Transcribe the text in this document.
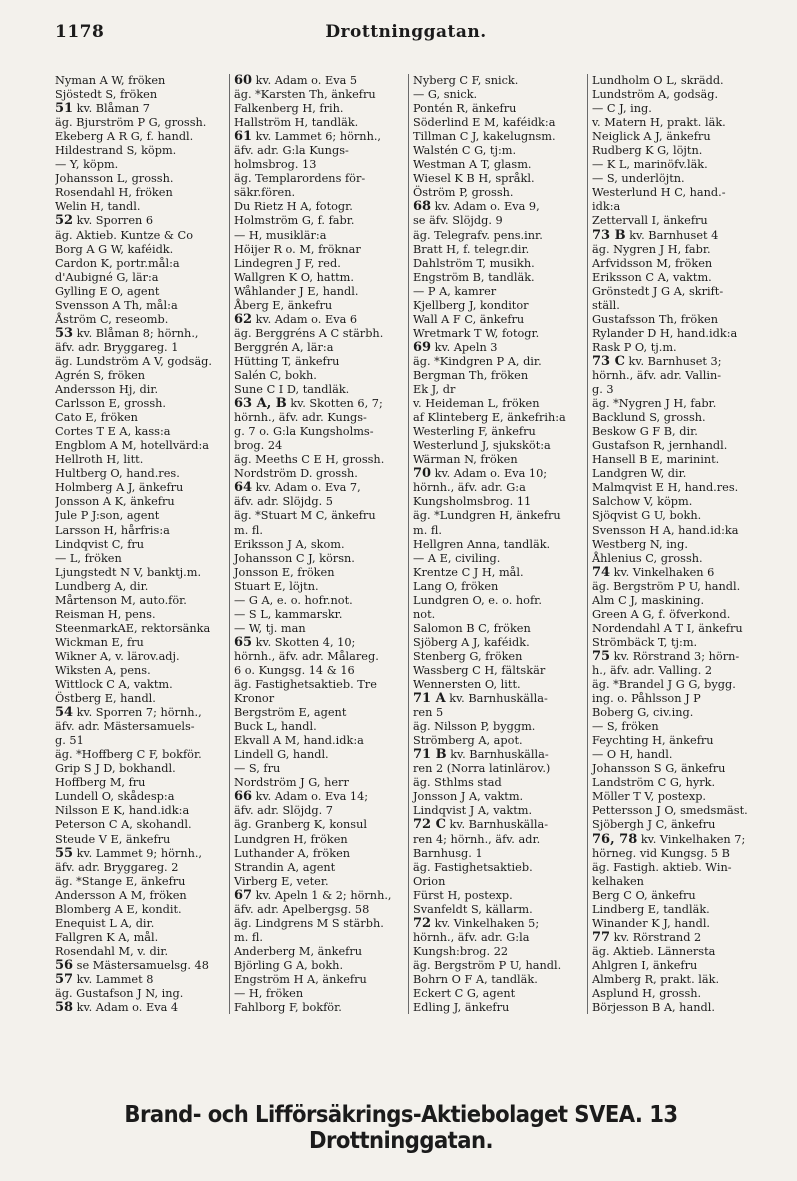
1178	Drottninggatan.
Nyman A W, fröken
Sjöstedt S, fröken
51 kv. Blåman 7
äg. Bjurström P G, grossh.
Ekeberg A R G, f. handl.
Hildestrand S, köpm.
— Y, köpm.
Johansson L, grossh.
Rosendahl H, fröken
Welin H, tandl.
52 kv. Sporren 6
äg. Aktieb. Kuntze & Co
Borg A G W, kaféidk.
Cardon K, portr.mål:a
d'Aubigné G, lär:a
Gylling E O, agent
Svensson A Th, mål:a
Åström C, reseomb.
53 kv. Blåman 8; hörnh.,
äfv. adr. Bryggareg. 1
äg. Lundström A V, godsäg.
Agrén S, fröken
Andersson Hj, dir.
Carlsson E, grossh.
Cato E, fröken
Cortes T E A, kass:a
Engblom A M, hotellvärd:a
Hellroth H, litt.
Hultberg O, hand.res.
Holmberg A J, änkefru
Jonsson A K, änkefru
Jule P J:son, agent
Larsson H, hårfris:a
Lindqvist C, fru
— L, fröken
Ljungstedt N V, banktj.m.
Lundberg A, dir.
Mårtenson M, auto.för.
Reisman H, pens.
SteenmarkAE, rektorsänka
Wickman E, fru
Wikner A, v. lärov.adj.
Wiksten A, pens.
Wittlock C A, vaktm.
Östberg E, handl.
54 kv. Sporren 7; hörnh.,
äfv. adr. Mästersamuels-
g. 51
äg. *Hoffberg C F, bokför.
Grip S J D, bokhandl.
Hoffberg M, fru
Lundell O, skådesp:a
Nilsson E K, hand.idk:a
Peterson C A, skohandl.
Steude V E, änkefru
55 kv. Lammet 9; hörnh.,
äfv. adr. Bryggareg. 2
äg. *Stange E, änkefru
Andersson A M, fröken
Blomberg A E, kondit.
Enequist L A, dir.
Fallgren K A, mål.
Rosendahl M, v. dir.
56 se Mästersamuelsg. 48
57 kv. Lammet 8
äg. Gustafson J N, ing.
58 kv. Adam o. Eva 4
60 kv. Adam o. Eva 5
äg. *Karsten Th, änkefru
Falkenberg H, frih.
Hallström H, tandläk.
61 kv. Lammet 6; hörnh.,
äfv. adr. G:la Kungs-
holmsbrog. 13
äg. Templarordens för-
säkr.fören.
Du Rietz H A, fotogr.
Holmström G, f. fabr.
— H, musiklär:a
Höijer R o. M, fröknar
Lindegren J F, red.
Wallgren K O, hattm.
Wåhlander J E, handl.
Åberg E, änkefru
62 kv. Adam o. Eva 6
äg. Berggréns A C stärbh.
Berggrén A, lär:a
Hütting T, änkefru
Salén C, bokh.
Sune C I D, tandläk.
63 A, B kv. Skotten 6, 7;
hörnh., äfv. adr. Kungs-
g. 7 o. G:la Kungsholms-
brog. 24
äg. Meeths C E H, grossh.
Nordström D. grossh.
64 kv. Adam o. Eva 7,
äfv. adr. Slöjdg. 5
äg. *Stuart M C, änkefru
m. fl.
Eriksson J A, skom.
Johansson C J, körsn.
Jonsson E, fröken
Stuart E, löjtn.
— G A, e. o. hofr.not.
— S L, kammarskr.
— W, tj. man
65 kv. Skotten 4, 10;
hörnh., äfv. adr. Målareg.
6 o. Kungsg. 14 & 16
äg. Fastighetsaktieb. Tre
Kronor
Bergström E, agent
Buck L, handl.
Ekvall A M, hand.idk:a
Lindell G, handl.
— S, fru
Nordström J G, herr
66 kv. Adam o. Eva 14;
äfv. adr. Slöjdg. 7
äg. Granberg K, konsul
Lundgren H, fröken
Luthander A, fröken
Strandin A, agent
Virberg E, veter.
67 kv. Apeln 1 & 2; hörnh.,
äfv. adr. Apelbergsg. 58
äg. Lindgrens M S stärbh.
m. fl.
Anderberg M, änkefru
Björling G A, bokh.
Engström H A, änkefru
— H, fröken
Fahlborg F, bokför.
Nyberg C F, snick.
— G, snick.
Pontén R, änkefru
Söderlind E M, kaféidk:a
Tillman C J, kakelugnsm.
Walstén C G, tj:m.
Westman A T, glasm.
Wiesel K B H, språkl.
Öström P, grossh.
68 kv. Adam o. Eva 9,
se äfv. Slöjdg. 9
äg. Telegrafv. pens.inr.
Bratt H, f. telegr.dir.
Dahlström T, musikh.
Engström B, tandläk.
— P A, kamrer
Kjellberg J, konditor
Wall A F C, änkefru
Wretmark T W, fotogr.
69 kv. Apeln 3
äg. *Kindgren P A, dir.
Bergman Th, fröken
Ek J, dr
v. Heideman L, fröken
af Klinteberg E, änkefrih:a
Westerling F, änkefru
Westerlund J, sjuksköt:a
Wärman N, fröken
70 kv. Adam o. Eva 10;
hörnh., äfv. adr. G:a
Kungsholmsbrog. 11
äg. *Lundgren H, änkefru
m. fl.
Hellgren Anna, tandläk.
— A E, civiling.
Krentze C J H, mål.
Lang O, fröken
Lundgren O, e. o. hofr.
not.
Salomon B C, fröken
Sjöberg A J, kaféidk.
Stenberg G, fröken
Wassberg C H, fältskär
Wennersten O, litt.
71 A kv. Barnhuskälla-
ren 5
äg. Nilsson P, byggm.
Strömberg A, apot.
71 B kv. Barnhuskälla-
ren 2 (Norra latinlärov.)
äg. Sthlms stad
Jonsson J A, vaktm.
Lindqvist J A, vaktm.
72 C kv. Barnhuskälla-
ren 4; hörnh., äfv. adr.
Barnhusg. 1
äg. Fastighetsaktieb.
Orion
Fürst H, postexp.
Svanfeldt S, källarm.
72 kv. Vinkelhaken 5;
hörnh., äfv. adr. G:la
Kungsh:brog. 22
äg. Bergström P U, handl.
Bohrn O F A, tandläk.
Eckert C G, agent
Edling J, änkefru
Lundholm O L, skrädd.
Lundström A, godsäg.
— C J, ing.
v. Matern H, prakt. läk.
Neiglick A J, änkefru
Rudberg K G, löjtn.
— K L, marinöfv.läk.
— S, underlöjtn.
Westerlund H C, hand.-
idk:a
Zettervall I, änkefru
73 B kv. Barnhuset 4
äg. Nygren J H, fabr.
Arfvidsson M, fröken
Eriksson C A, vaktm.
Grönstedt J G A, skrift-
ställ.
Gustafsson Th, fröken
Rylander D H, hand.idk:a
Rask P O, tj.m.
73 C kv. Barnhuset 3;
hörnh., äfv. adr. Vallin-
g. 3
äg. *Nygren J H, fabr.
Backlund S, grossh.
Beskow G F B, dir.
Gustafson R, jernhandl.
Hansell B E, marinint.
Landgren W, dir.
Malmqvist E H, hand.res.
Salchow V, köpm.
Sjöqvist G U, bokh.
Svensson H A, hand.id:ka
Westberg N, ing.
Åhlenius C, grossh.
74 kv. Vinkelhaken 6
äg. Bergström P U, handl.
Alm C J, maskining.
Green A G, f. öfverkond.
Nordendahl A T I, änkefru
Strömbäck T, tj:m.
75 kv. Rörstrand 3; hörn-
h., äfv. adr. Valling. 2
äg. *Brandel J G G, bygg.
ing. o. Påhlsson J P
Boberg G, civ.ing.
— S, fröken
Feychting H, änkefru
— O H, handl.
Johansson S G, änkefru
Landström C G, hyrk.
Möller T V, postexp.
Pettersson J O, smedsmäst.
Sjöbergh J C, änkefru
76, 78 kv. Vinkelhaken 7;
hörneg. vid Kungsg. 5 B
äg. Fastigh. aktieb. Win-
kelhaken
Berg C O, änkefru
Lindberg E, tandläk.
Winander K J, handl.
77 kv. Rörstrand 2
äg. Aktieb. Lännersta
Ahlgren I, änkefru
Almberg R, prakt. läk.
Asplund H, grossh.
Börjesson B A, handl.
Brand- och Lifförsäkrings-Aktiebolaget SVEA. 13 Drottninggatan.
